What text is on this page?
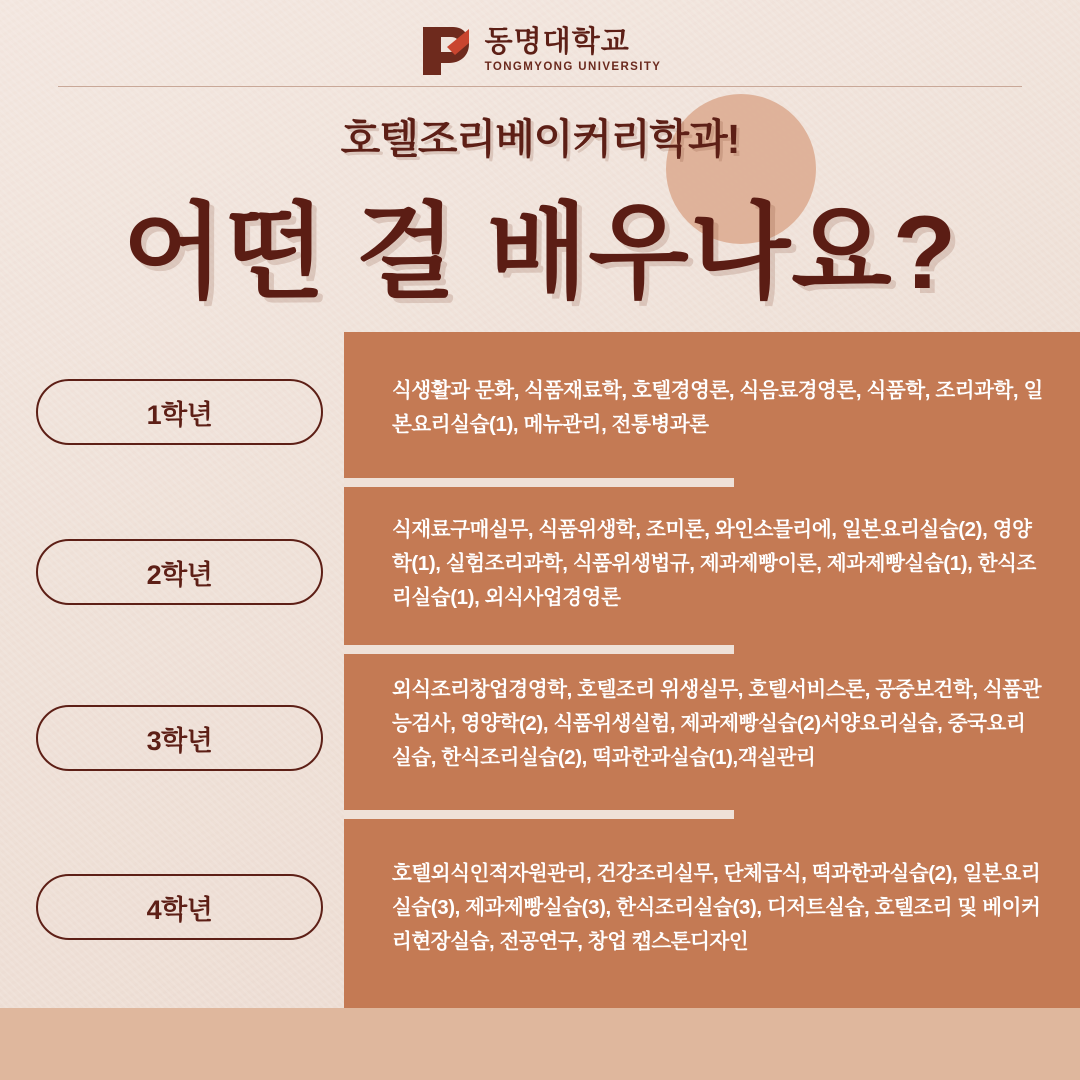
동명대학교
TONGMYONG UNIVERSITY
호텔조리베이커리학과!
어떤 걸 배우나요?
1학년
식생활과 문화, 식품재료학, 호텔경영론, 식음료경영론, 식품학, 조리과학, 일본요리실습(1), 메뉴관리, 전통병과론
2학년
식재료구매실무, 식품위생학, 조미론, 와인소믈리에, 일본요리실습(2), 영양학(1), 실험조리과학, 식품위생법규, 제과제빵이론, 제과제빵실습(1), 한식조리실습(1), 외식사업경영론
3학년
외식조리창업경영학, 호텔조리 위생실무, 호텔서비스론, 공중보건학, 식품관능검사, 영양학(2), 식품위생실험, 제과제빵실습(2)서양요리실습, 중국요리실습, 한식조리실습(2), 떡과한과실습(1),객실관리
4학년
호텔외식인적자원관리, 건강조리실무, 단체급식, 떡과한과실습(2), 일본요리실습(3), 제과제빵실습(3), 한식조리실습(3), 디저트실습, 호텔조리 및 베이커리현장실습, 전공연구, 창업 캡스톤디자인
